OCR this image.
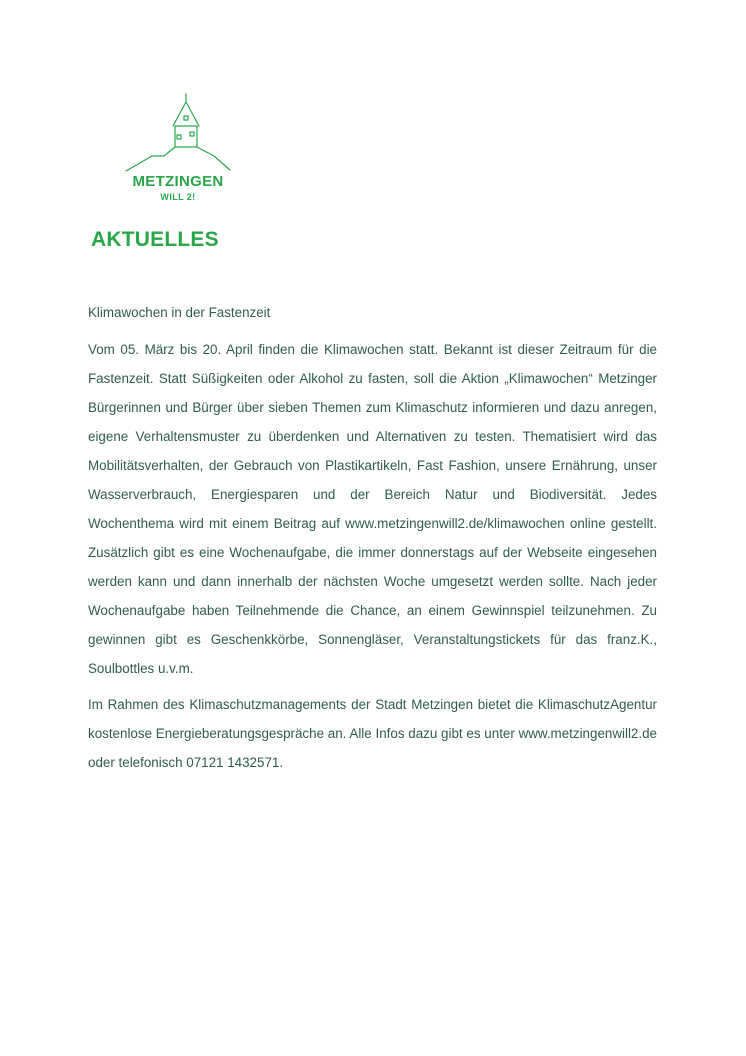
METZINGEN
WILL 2!
AKTUELLES
Klimawochen in der Fastenzeit

Vom 05. März bis 20. April finden die Klimawochen statt. Bekannt ist dieser Zeitraum für die Fastenzeit. Statt Süßigkeiten oder Alkohol zu fasten, soll die Aktion „Klimawochen“ Metzinger Bürgerinnen und Bürger über sieben Themen zum Klimaschutz informieren und dazu anregen, eigene Verhaltensmuster zu überdenken und Alternativen zu testen. Thematisiert wird das Mobilitätsverhalten, der Gebrauch von Plastikartikeln, Fast Fashion, unsere Ernährung, unser Wasserverbrauch, Energiesparen und der Bereich Natur und Biodiversität. Jedes Wochenthema wird mit einem Beitrag auf www.metzingenwill2.de/klimawochen online gestellt. Zusätzlich gibt es eine Wochenaufgabe, die immer donnerstags auf der Webseite eingesehen werden kann und dann innerhalb der nächsten Woche umgesetzt werden sollte. Nach jeder Wochenaufgabe haben Teilnehmende die Chance, an einem Gewinnspiel teilzunehmen. Zu gewinnen gibt es Geschenkkörbe, Sonnengläser, Veranstaltungstickets für das franz.K., Soulbottles u.v.m.

Im Rahmen des Klimaschutzmanagements der Stadt Metzingen bietet die KlimaschutzAgentur kostenlose Energieberatungsgespräche an. Alle Infos dazu gibt es unter www.metzingenwill2.de oder telefonisch 07121 1432571.
